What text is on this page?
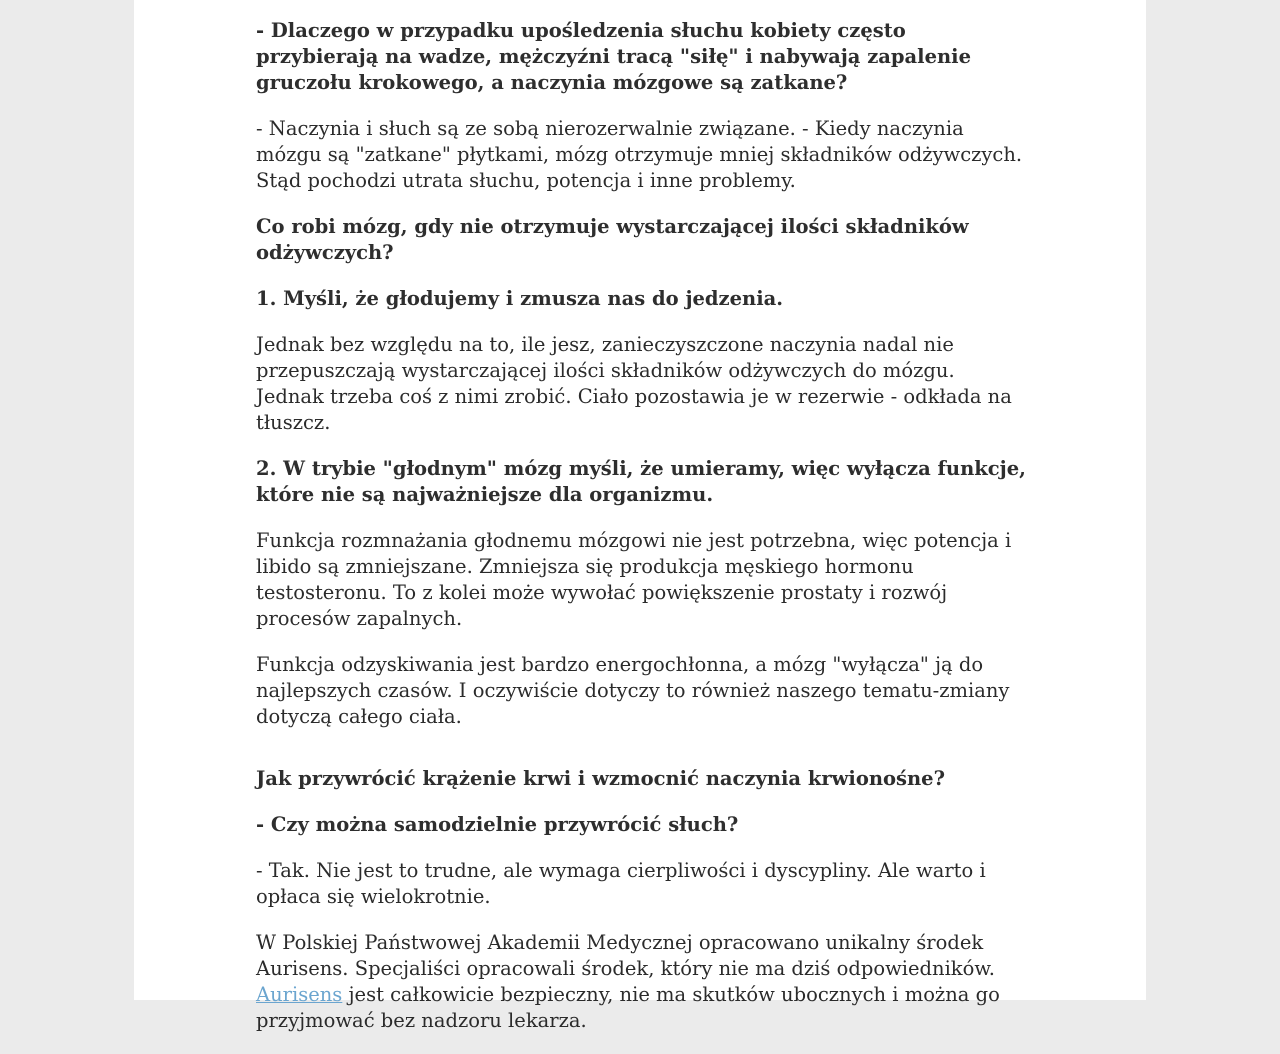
- Dlaczego w przypadku upośledzenia słuchu kobiety często przybierają na wadze, mężczyźni tracą "siłę" i nabywają zapalenie gruczołu krokowego, a naczynia mózgowe są zatkane?

- Naczynia i słuch są ze sobą nierozerwalnie związane. - Kiedy naczynia mózgu są "zatkane" płytkami, mózg otrzymuje mniej składników odżywczych. Stąd pochodzi utrata słuchu, potencja i inne problemy.

Co robi mózg, gdy nie otrzymuje wystarczającej ilości składników odżywczych?

1. Myśli, że głodujemy i zmusza nas do jedzenia.

Jednak bez względu na to, ile jesz, zanieczyszczone naczynia nadal nie przepuszczają wystarczającej ilości składników odżywczych do mózgu. Jednak trzeba coś z nimi zrobić. Ciało pozostawia je w rezerwie - odkłada na tłuszcz.

2. W trybie "głodnym" mózg myśli, że umieramy, więc wyłącza funkcje, które nie są najważniejsze dla organizmu.

Funkcja rozmnażania głodnemu mózgowi nie jest potrzebna, więc potencja i libido są zmniejszane. Zmniejsza się produkcja męskiego hormonu testosteronu. To z kolei może wywołać powiększenie prostaty i rozwój procesów zapalnych.

Funkcja odzyskiwania jest bardzo energochłonna, a mózg "wyłącza" ją do najlepszych czasów. I oczywiście dotyczy to również naszego tematu-zmiany dotyczą całego ciała.

Jak przywrócić krążenie krwi i wzmocnić naczynia krwionośne?

- Czy można samodzielnie przywrócić słuch?

- Tak. Nie jest to trudne, ale wymaga cierpliwości i dyscypliny. Ale warto i opłaca się wielokrotnie.

W Polskiej Państwowej Akademii Medycznej opracowano unikalny środek Aurisens. Specjaliści opracowali środek, który nie ma dziś odpowiedników.
Aurisens jest całkowicie bezpieczny, nie ma skutków ubocznych i można go przyjmować bez nadzoru lekarza.
